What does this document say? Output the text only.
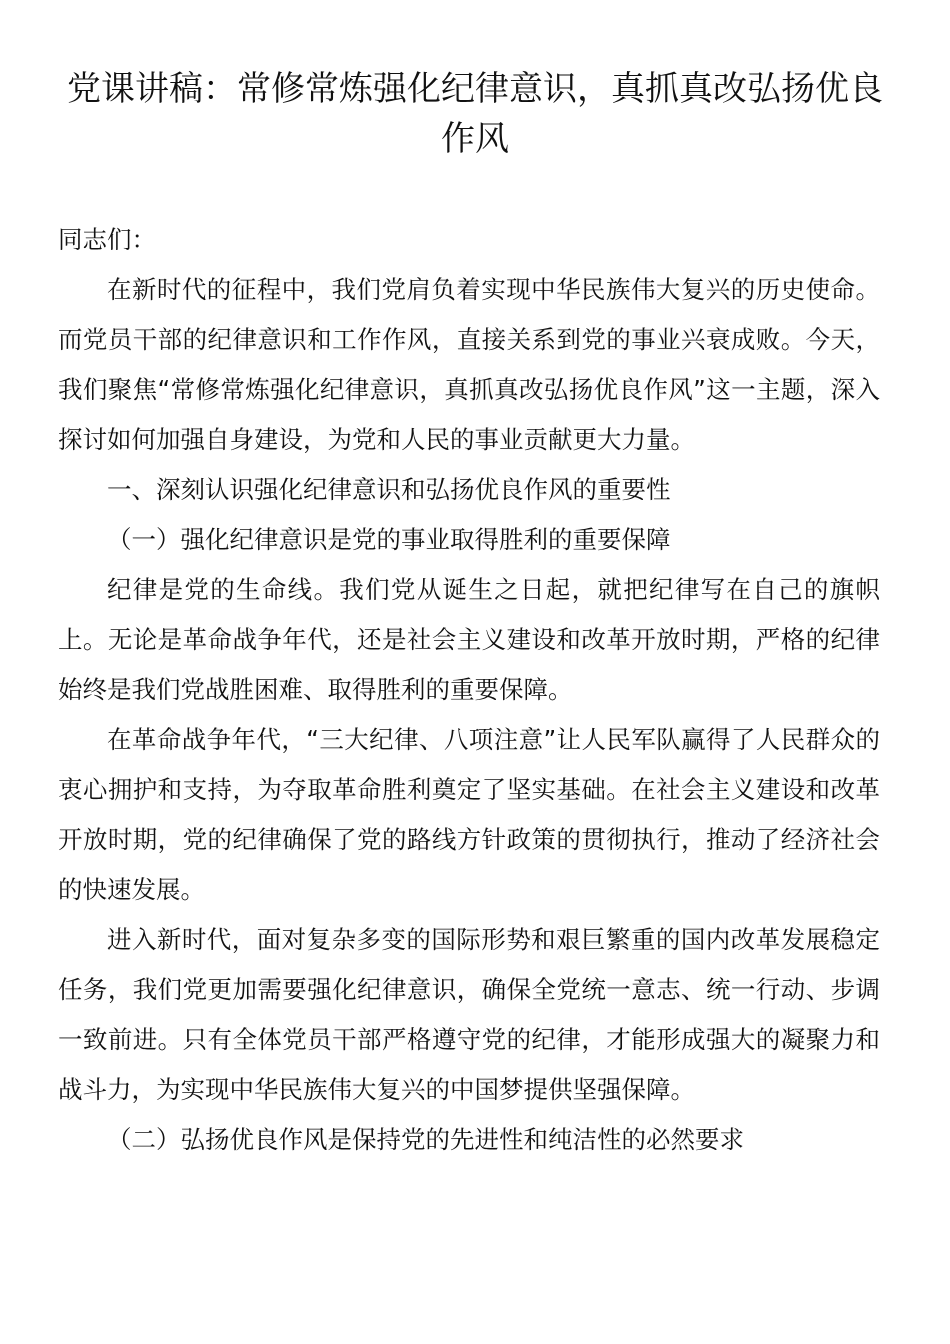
党课讲稿：常修常炼强化纪律意识，真抓真改弘扬优良作风

同志们：

在新时代的征程中，我们党肩负着实现中华民族伟大复兴的历史使命。而党员干部的纪律意识和工作作风，直接关系到党的事业兴衰成败。今天，我们聚焦“常修常炼强化纪律意识，真抓真改弘扬优良作风”这一主题，深入探讨如何加强自身建设，为党和人民的事业贡献更大力量。

一、深刻认识强化纪律意识和弘扬优良作风的重要性

（一）强化纪律意识是党的事业取得胜利的重要保障

纪律是党的生命线。我们党从诞生之日起，就把纪律写在自己的旗帜上。无论是革命战争年代，还是社会主义建设和改革开放时期，严格的纪律始终是我们党战胜困难、取得胜利的重要保障。

在革命战争年代，“三大纪律、八项注意”让人民军队赢得了人民群众的衷心拥护和支持，为夺取革命胜利奠定了坚实基础。在社会主义建设和改革开放时期，党的纪律确保了党的路线方针政策的贯彻执行，推动了经济社会的快速发展。

进入新时代，面对复杂多变的国际形势和艰巨繁重的国内改革发展稳定任务，我们党更加需要强化纪律意识，确保全党统一意志、统一行动、步调一致前进。只有全体党员干部严格遵守党的纪律，才能形成强大的凝聚力和战斗力，为实现中华民族伟大复兴的中国梦提供坚强保障。

（二）弘扬优良作风是保持党的先进性和纯洁性的必然要求
